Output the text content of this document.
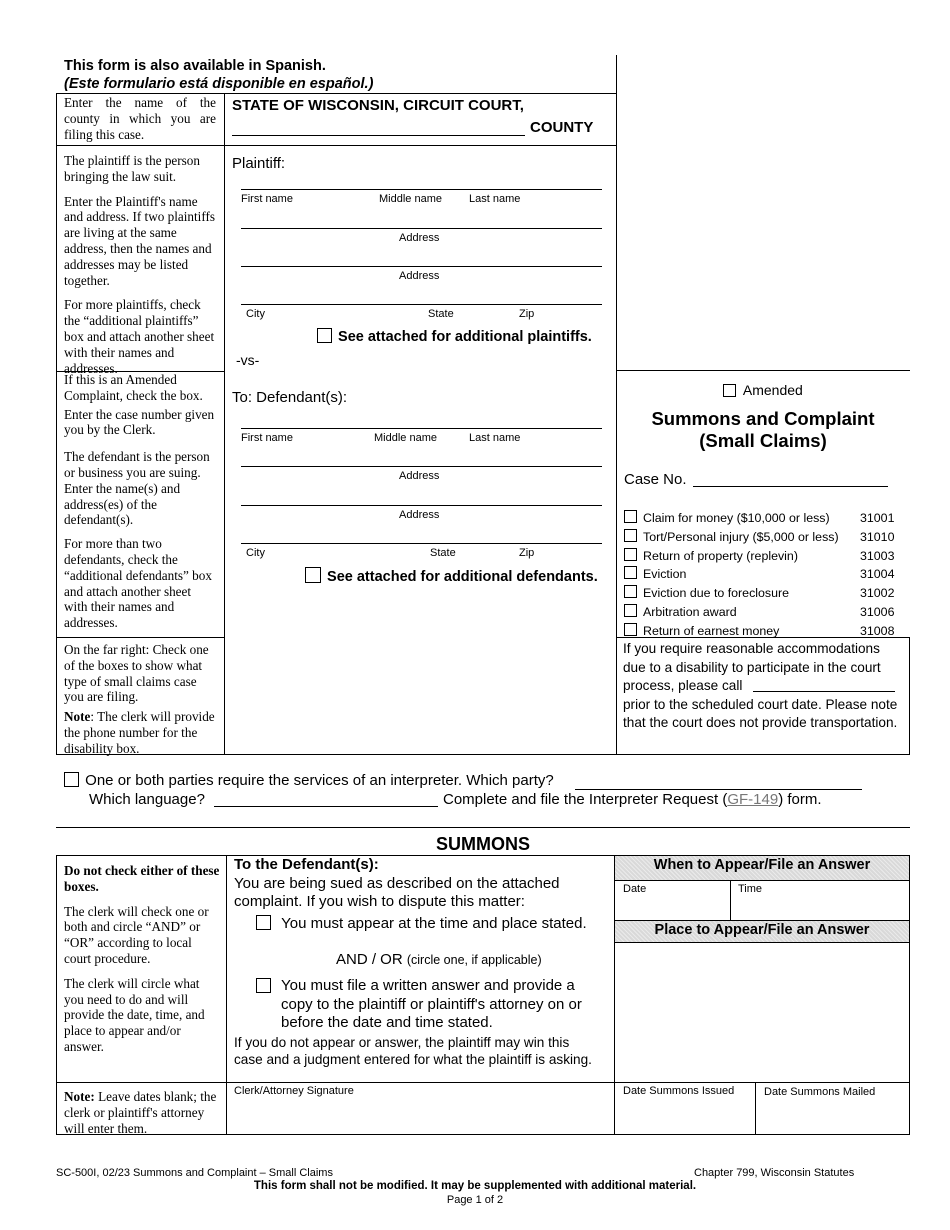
This form is also available in Spanish.
(Este formulario está disponible en español.)

Enter the name of the county in which you are filing this case.

The plaintiff is the person bringing the law suit.

Enter the Plaintiff's name and address. If two plaintiffs are living at the same address, then the names and addresses may be listed together.

For more plaintiffs, check the “additional plaintiffs” box and attach another sheet with their names and addresses.

If this is an Amended Complaint, check the box.

Enter the case number given you by the Clerk.

The defendant is the person or business you are suing. Enter the name(s) and address(es) of the defendant(s).

For more than two defendants, check the “additional defendants” box and attach another sheet with their names and addresses.

On the far right: Check one of the boxes to show what type of small claims case you are filing.

Note: The clerk will provide the phone number for the disability box.

STATE OF WISCONSIN, CIRCUIT COURT,
COUNTY
Plaintiff:
First name	Middle name Last name
Address
Address
City	State	Zip
See attached for additional plaintiffs.
-vs-
To: Defendant(s):
First name	Middle name	Last name
Address
Address
City	State	Zip
See attached for additional defendants.
Amended
Summons and Complaint
(Small Claims)
Case No.
Claim for money ($10,000 or less) 31001
Tort/Personal injury ($5,000 or less) 31010
Return of property (replevin)	31003
Eviction	31004
Eviction due to foreclosure	31002
Arbitration award	31006
Return of earnest money	31008
If you require reasonable accommodations
due to a disability to participate in the court
process, please call
prior to the scheduled court date. Please note
that the court does not provide transportation.
One or both parties require the services of an interpreter. Which party?
Which language?	Complete and file the Interpreter Request (GF-149) form.
SUMMONS

Do not check either of these boxes.

The clerk will check one or both and circle “AND” or “OR” according to local court procedure.

The clerk will circle what you need to do and will provide the date, time, and place to appear and/or answer.

Note: Leave dates blank; the clerk or plaintiff's attorney will enter them.

To the Defendant(s):
You are being sued as described on the attached
complaint. If you wish to dispute this matter:
You must appear at the time and place stated.
AND / OR (circle one, if applicable)
You must file a written answer and provide a
copy to the plaintiff or plaintiff's attorney on or
before the date and time stated.
If you do not appear or answer, the plaintiff may win this
case and a judgment entered for what the plaintiff is asking.
When to Appear/File an Answer
Date	Time
Place to Appear/File an Answer
Clerk/Attorney Signature	Date Summons Issued	Date Summons Mailed
SC-500I, 02/23 Summons and Complaint – Small Claims	Chapter 799, Wisconsin Statutes
This form shall not be modified. It may be supplemented with additional material.
Page 1 of 2
